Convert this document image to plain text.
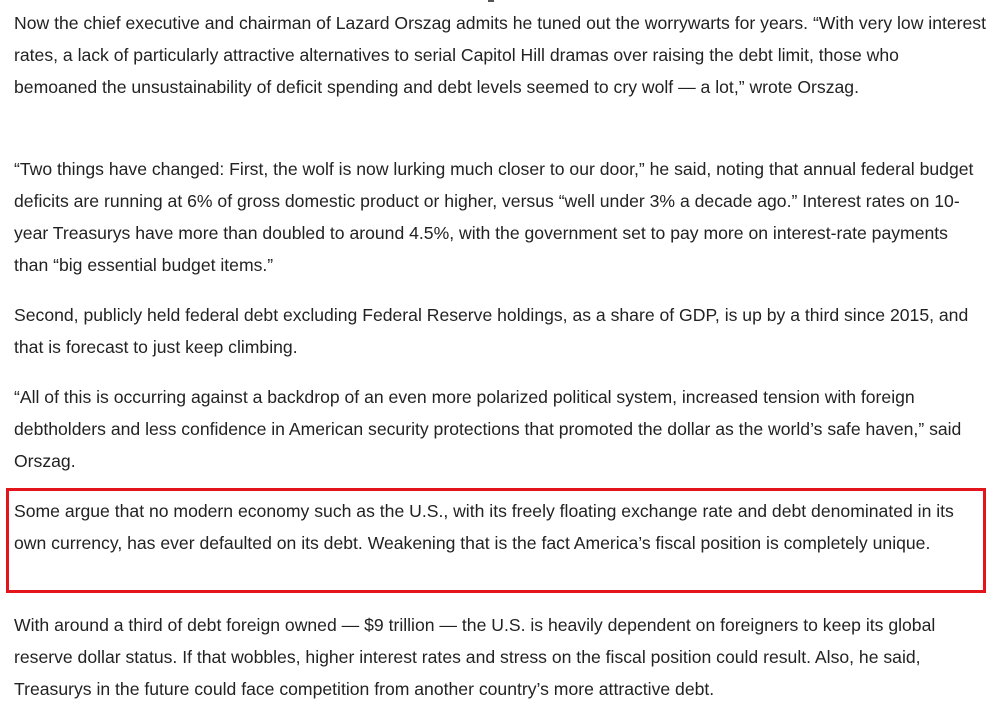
Now the chief executive and chairman of Lazard Orszag admits he tuned out the worrywarts for years. “With very low interest rates, a lack of particularly attractive alternatives to serial Capitol Hill dramas over raising the debt limit, those who bemoaned the unsustainability of deficit spending and debt levels seemed to cry wolf — a lot,” wrote Orszag.

“Two things have changed: First, the wolf is now lurking much closer to our door,” he said, noting that annual federal budget deficits are running at 6% of gross domestic product or higher, versus “well under 3% a decade ago.” Interest rates on 10-year Treasurys have more than doubled to around 4.5%, with the government set to pay more on interest-rate payments than “big essential budget items.”

Second, publicly held federal debt excluding Federal Reserve holdings, as a share of GDP, is up by a third since 2015, and that is forecast to just keep climbing.

“All of this is occurring against a backdrop of an even more polarized political system, increased tension with foreign debtholders and less confidence in American security protections that promoted the dollar as the world’s safe haven,” said Orszag.

Some argue that no modern economy such as the U.S., with its freely floating exchange rate and debt denominated in its own currency, has ever defaulted on its debt. Weakening that is the fact America’s fiscal position is completely unique.

With around a third of debt foreign owned — $9 trillion — the U.S. is heavily dependent on foreigners to keep its global reserve dollar status. If that wobbles, higher interest rates and stress on the fiscal position could result. Also, he said, Treasurys in the future could face competition from another country’s more attractive debt.
